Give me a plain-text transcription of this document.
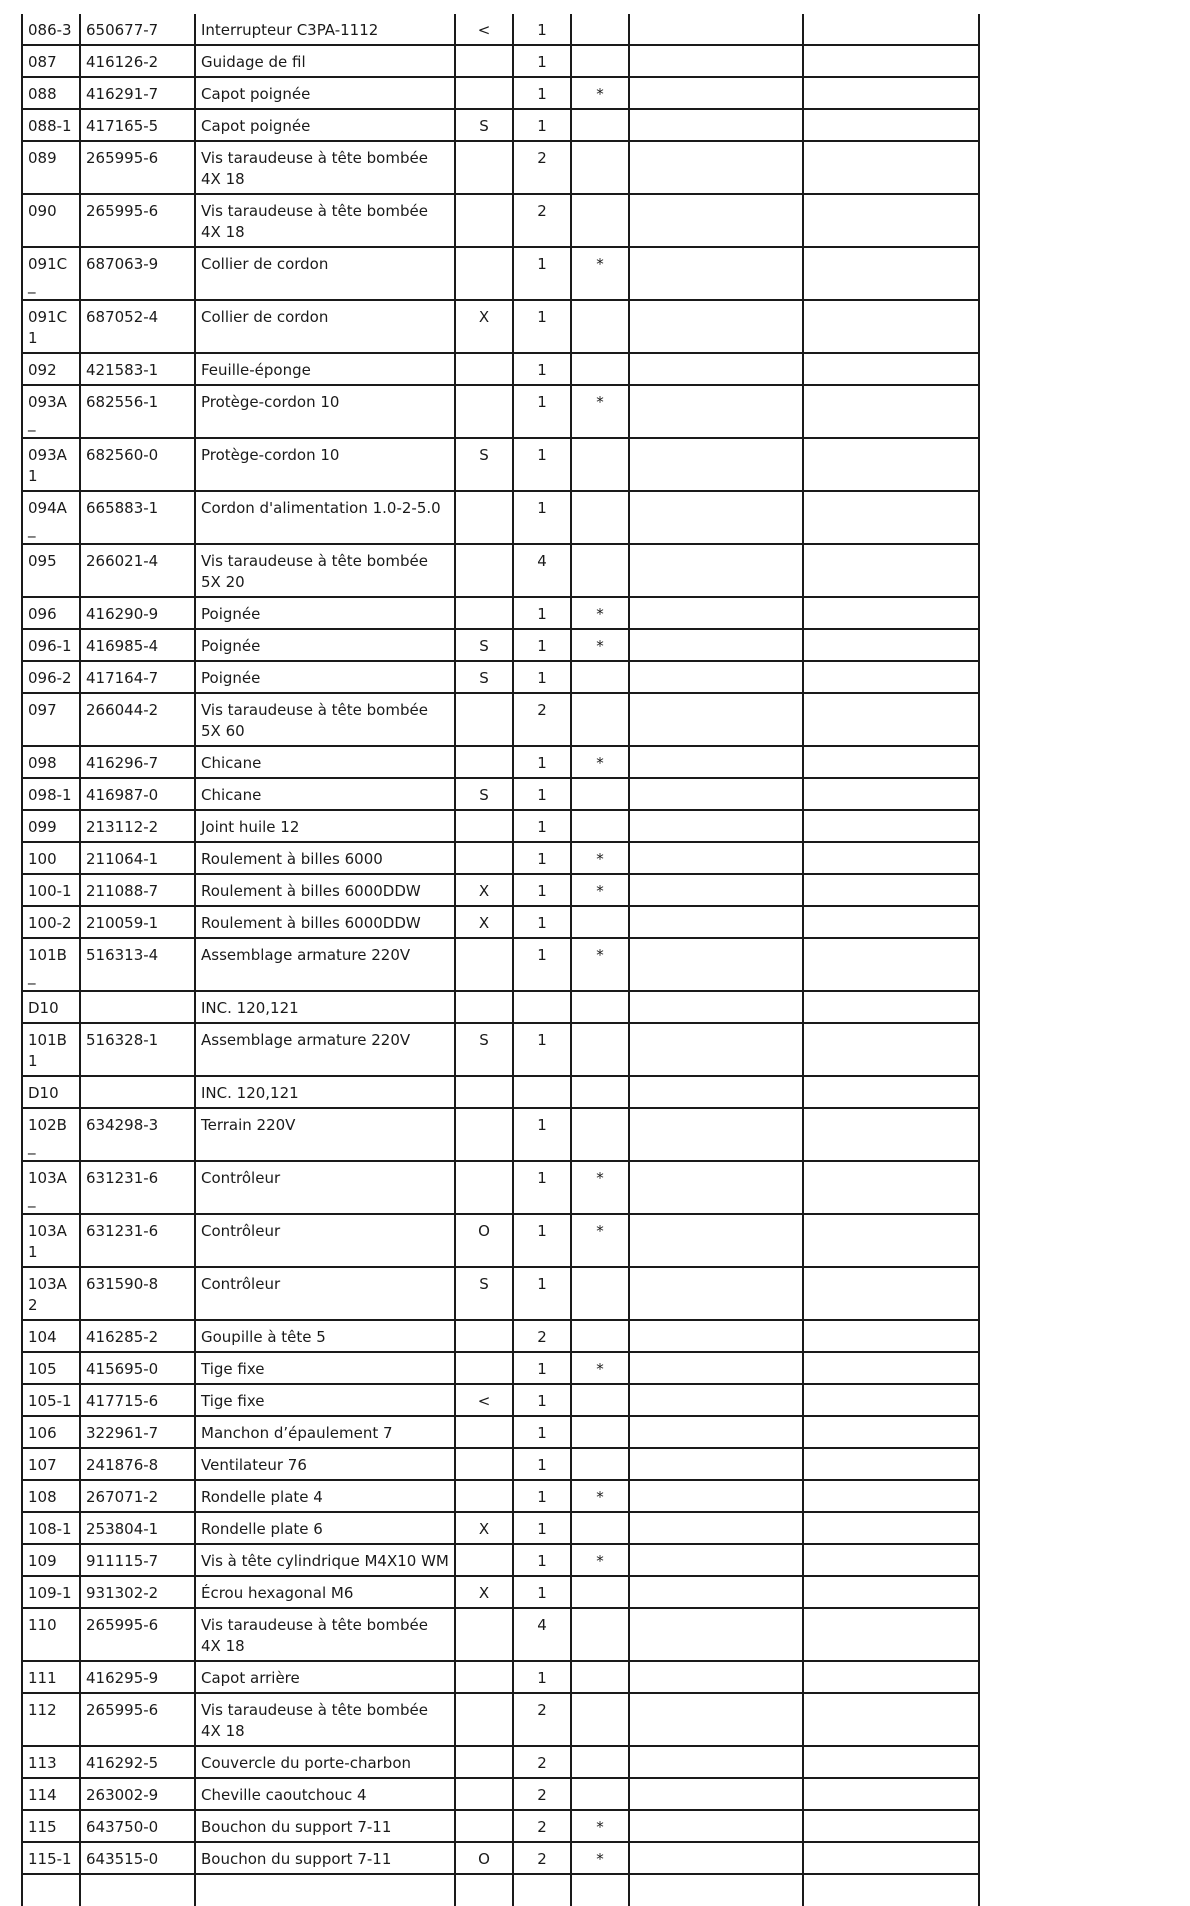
086-3	650677-7	Interrupteur C3PA-1112	<	1			
087	416126-2	Guidage de fil		1			
088	416291-7	Capot poignée		1	*		
088-1	417165-5	Capot poignée	S	1			
089	265995-6	Vis taraudeuse à tête bombée 4X 18		2			
090	265995-6	Vis taraudeuse à tête bombée 4X 18		2			
091C_	687063-9	Collier de cordon		1	*		
091C1	687052-4	Collier de cordon	X	1			
092	421583-1	Feuille-éponge		1			
093A_	682556-1	Protège-cordon 10		1	*		
093A1	682560-0	Protège-cordon 10	S	1			
094A_	665883-1	Cordon d'alimentation 1.0-2-5.0		1			
095	266021-4	Vis taraudeuse à tête bombée 5X 20		4			
096	416290-9	Poignée		1	*		
096-1	416985-4	Poignée	S	1	*		
096-2	417164-7	Poignée	S	1			
097	266044-2	Vis taraudeuse à tête bombée 5X 60		2			
098	416296-7	Chicane		1	*		
098-1	416987-0	Chicane	S	1			
099	213112-2	Joint huile 12		1			
100	211064-1	Roulement à billes 6000		1	*		
100-1	211088-7	Roulement à billes 6000DDW	X	1	*		
100-2	210059-1	Roulement à billes 6000DDW	X	1			
101B_	516313-4	Assemblage armature 220V		1	*		
D10		INC. 120,121					
101B1	516328-1	Assemblage armature 220V	S	1			
D10		INC. 120,121					
102B_	634298-3	Terrain 220V		1			
103A_	631231-6	Contrôleur		1	*		
103A1	631231-6	Contrôleur	O	1	*		
103A2	631590-8	Contrôleur	S	1			
104	416285-2	Goupille à tête 5		2			
105	415695-0	Tige fixe		1	*		
105-1	417715-6	Tige fixe	<	1			
106	322961-7	Manchon d’épaulement 7		1			
107	241876-8	Ventilateur 76		1			
108	267071-2	Rondelle plate 4		1	*		
108-1	253804-1	Rondelle plate 6	X	1			
109	911115-7	Vis à tête cylindrique M4X10 WM		1	*		
109-1	931302-2	Écrou hexagonal M6	X	1			
110	265995-6	Vis taraudeuse à tête bombée 4X 18		4			
111	416295-9	Capot arrière		1			
112	265995-6	Vis taraudeuse à tête bombée 4X 18		2			
113	416292-5	Couvercle du porte-charbon		2			
114	263002-9	Cheville caoutchouc 4		2			
115	643750-0	Bouchon du support 7-11		2	*		
115-1	643515-0	Bouchon du support 7-11	O	2	*		
